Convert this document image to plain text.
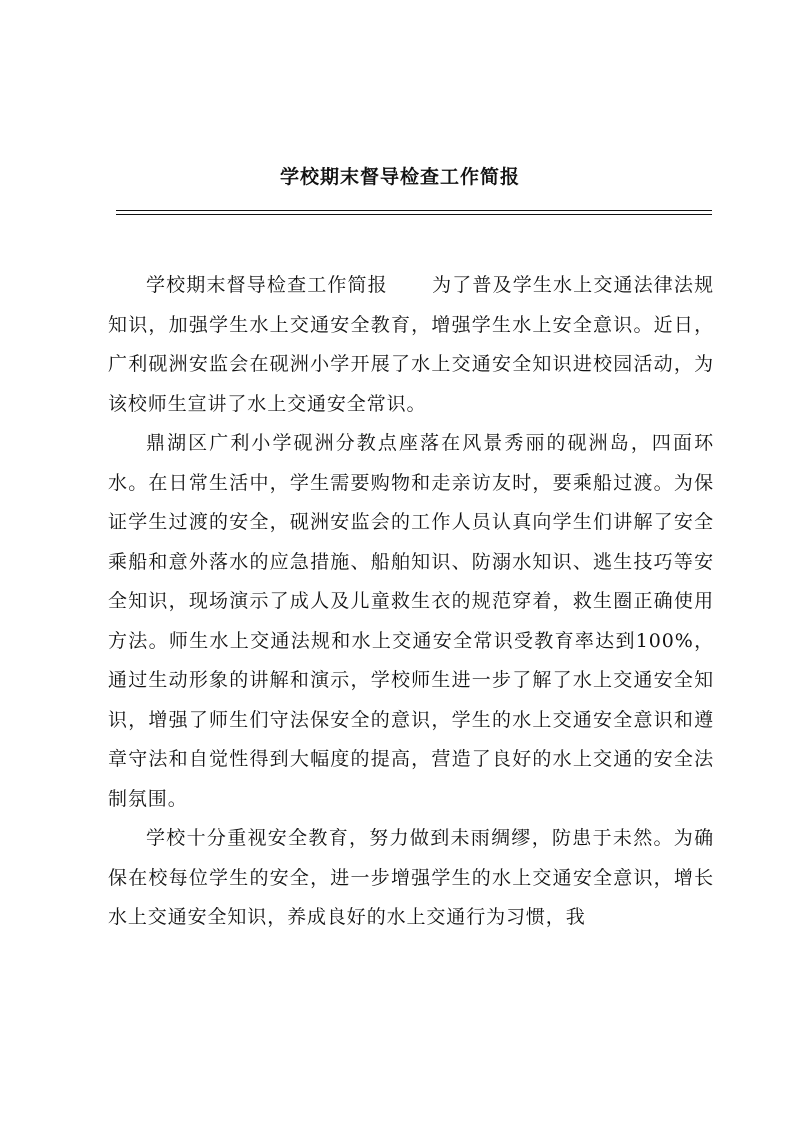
学校期末督导检查工作简报

学校期末督导检查工作简报 为了普及学生水上交通法律法规知识，加强学生水上交通安全教育，增强学生水上安全意识。近日，广利砚洲安监会在砚洲小学开展了水上交通安全知识进校园活动，为该校师生宣讲了水上交通安全常识。

鼎湖区广利小学砚洲分教点座落在风景秀丽的砚洲岛，四面环水。在日常生活中，学生需要购物和走亲访友时，要乘船过渡。为保证学生过渡的安全，砚洲安监会的工作人员认真向学生们讲解了安全乘船和意外落水的应急措施、船舶知识、防溺水知识、逃生技巧等安全知识，现场演示了成人及儿童救生衣的规范穿着，救生圈正确使用方法。师生水上交通法规和水上交通安全常识受教育率达到100%，通过生动形象的讲解和演示，学校师生进一步了解了水上交通安全知识，增强了师生们守法保安全的意识，学生的水上交通安全意识和遵章守法和自觉性得到大幅度的提高，营造了良好的水上交通的安全法制氛围。

学校十分重视安全教育，努力做到未雨绸缪，防患于未然。为确保在校每位学生的安全，进一步增强学生的水上交通安全意识，增长水上交通安全知识，养成良好的水上交通行为习惯，我
